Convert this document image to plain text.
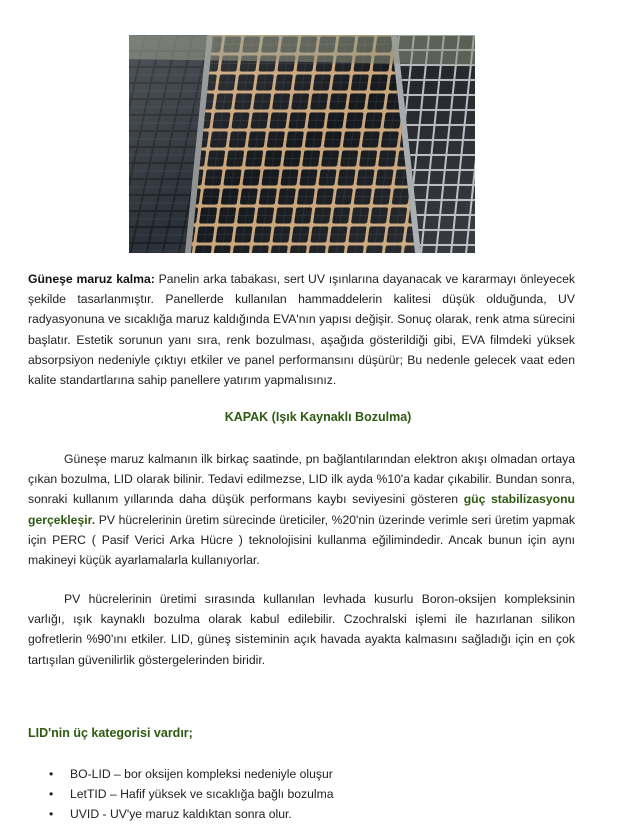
Güneşe maruz kalma: Panelin arka tabakası, sert UV ışınlarına dayanacak ve kararmayı önleyecek şekilde tasarlanmıştır. Panellerde kullanılan hammaddelerin kalitesi düşük olduğunda, UV radyasyonuna ve sıcaklığa maruz kaldığında EVA'nın yapısı değişir. Sonuç olarak, renk atma sürecini başlatır. Estetik sorunun yanı sıra, renk bozulması, aşağıda gösterildiği gibi, EVA filmdeki yüksek absorpsiyon nedeniyle çıktıyı etkiler ve panel performansını düşürür; Bu nedenle gelecek vaat eden kalite standartlarına sahip panellere yatırım yapmalısınız.

KAPAK (Işık Kaynaklı Bozulma)

Güneşe maruz kalmanın ilk birkaç saatinde, pn bağlantılarından elektron akışı olmadan ortaya çıkan bozulma, LID olarak bilinir. Tedavi edilmezse, LID ilk ayda %10'a kadar çıkabilir. Bundan sonra, sonraki kullanım yıllarında daha düşük performans kaybı seviyesini gösteren güç stabilizasyonu gerçekleşir. PV hücrelerinin üretim sürecinde üreticiler, %20'nin üzerinde verimle seri üretim yapmak için PERC ( Pasif Verici Arka Hücre ) teknolojisini kullanma eğilimindedir. Ancak bunun için aynı makineyi küçük ayarlamalarla kullanıyorlar.

PV hücrelerinin üretimi sırasında kullanılan levhada kusurlu Boron-oksijen kompleksinin varlığı, ışık kaynaklı bozulma olarak kabul edilebilir. Czochralski işlemi ile hazırlanan silikon gofretlerin %90'ını etkiler. LID, güneş sisteminin açık havada ayakta kalmasını sağladığı için en çok tartışılan güvenilirlik göstergelerinden biridir.

LID'nin üç kategorisi vardır;
• BO-LID – bor oksijen kompleksi nedeniyle oluşur
• LetTID – Hafif yüksek ve sıcaklığa bağlı bozulma
• UVID - UV'ye maruz kaldıktan sonra olur.
